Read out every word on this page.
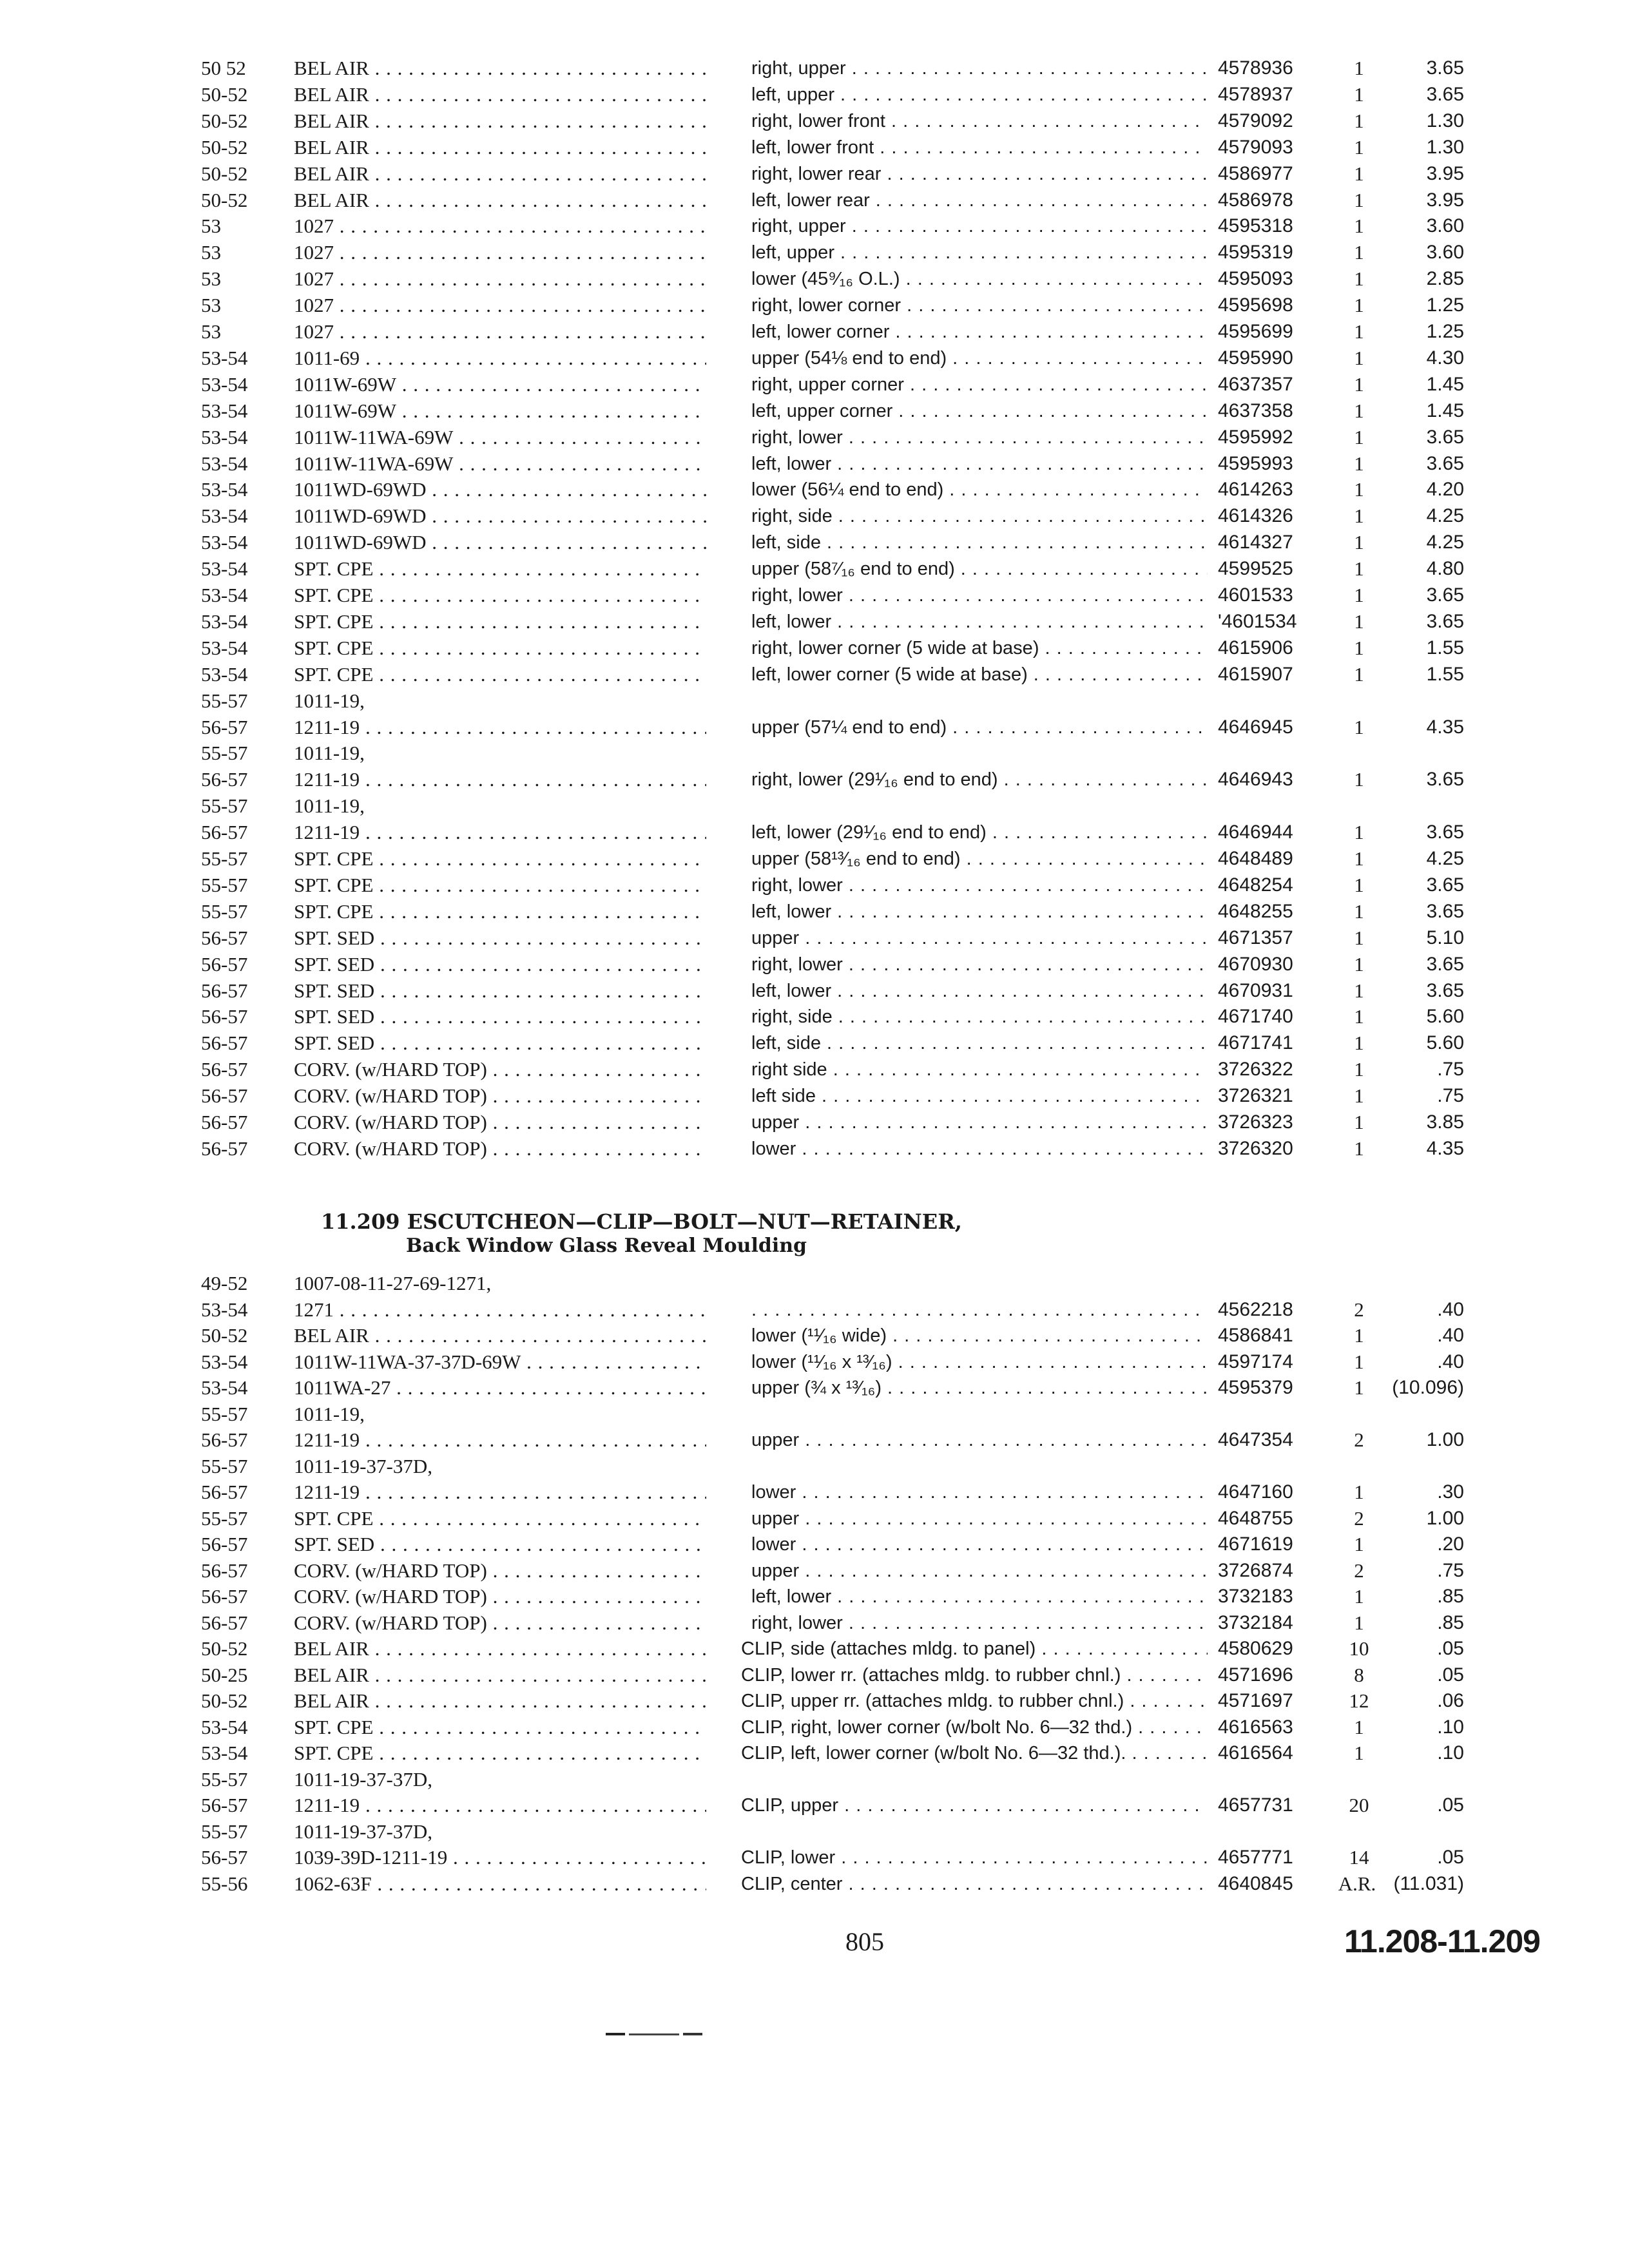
50 52	BEL AIR . . .	right, upper . . .	4578936	1	3.65
50-52	BEL AIR . . .	left, upper . . .	4578937	1	3.65
50-52	BEL AIR . . .	right, lower front . . .	4579092	1	1.30
50-52	BEL AIR . . .	left, lower front . . .	4579093	1	1.30
50-52	BEL AIR . . .	right, lower rear . . .	4586977	1	3.95
50-52	BEL AIR . . .	left, lower rear . . .	4586978	1	3.95
53	1027 . . .	right, upper . . .	4595318	1	3.60
53	1027 . . .	left, upper . . .	4595319	1	3.60
53	1027 . . .	lower (45⁹⁄₁₆ O.L.) . . .	4595093	1	2.85
53	1027 . . .	right, lower corner . . .	4595698	1	1.25
53	1027 . . .	left, lower corner . . .	4595699	1	1.25
53-54	1011-69 . . .	upper (54⅛ end to end) . . .	4595990	1	4.30
53-54	1011W-69W . . .	right, upper corner . . .	4637357	1	1.45
53-54	1011W-69W . . .	left, upper corner . . .	4637358	1	1.45
53-54	1011W-11WA-69W . . .	right, lower . . .	4595992	1	3.65
53-54	1011W-11WA-69W . . .	left, lower . . .	4595993	1	3.65
53-54	1011WD-69WD . . .	lower (56¼ end to end) . . .	4614263	1	4.20
53-54	1011WD-69WD . . .	right, side . . .	4614326	1	4.25
53-54	1011WD-69WD . . .	left, side . . .	4614327	1	4.25
53-54	SPT. CPE . . .	upper (58⁷⁄₁₆ end to end) . . .	4599525	1	4.80
53-54	SPT. CPE . . .	right, lower . . .	4601533	1	3.65
53-54	SPT. CPE . . .	left, lower . . .	'4601534	1	3.65
53-54	SPT. CPE . . .	right, lower corner (5 wide at base) . . .	4615906	1	1.55
53-54	SPT. CPE . . .	left, lower corner (5 wide at base) . . .	4615907	1	1.55
55-57	1011-19,
56-57	1211-19 . . .	upper (57¼ end to end) . . .	4646945	1	4.35
55-57	1011-19,
56-57	1211-19 . . .	right, lower (29¹⁄₁₆ end to end) . . .	4646943	1	3.65
55-57	1011-19,
56-57	1211-19 . . .	left, lower (29¹⁄₁₆ end to end) . . .	4646944	1	3.65
55-57	SPT. CPE . . .	upper (58¹³⁄₁₆ end to end) . . .	4648489	1	4.25
55-57	SPT. CPE . . .	right, lower . . .	4648254	1	3.65
55-57	SPT. CPE . . .	left, lower . . .	4648255	1	3.65
56-57	SPT. SED . . .	upper . . .	4671357	1	5.10
56-57	SPT. SED . . .	right, lower . . .	4670930	1	3.65
56-57	SPT. SED . . .	left, lower . . .	4670931	1	3.65
56-57	SPT. SED . . .	right, side . . .	4671740	1	5.60
56-57	SPT. SED . . .	left, side . . .	4671741	1	5.60
56-57	CORV. (w/HARD TOP) . . .	right side . . .	3726322	1	.75
56-57	CORV. (w/HARD TOP) . . .	left side . . .	3726321	1	.75
56-57	CORV. (w/HARD TOP) . . .	upper . . .	3726323	1	3.85
56-57	CORV. (w/HARD TOP) . . .	lower . . .	3726320	1	4.35
11.209 ESCUTCHEON—CLIP—BOLT—NUT—RETAINER,
Back Window Glass Reveal Moulding
49-52	1007-08-11-27-69-1271,
53-54	1271 . . .
. . .	4562218	2	.40
50-52	BEL AIR . . .	lower (¹¹⁄₁₆ wide) . . .	4586841	1	.40
53-54	1011W-11WA-37-37D-69W . . .	lower (¹¹⁄₁₆ x ¹³⁄₁₆) . . .	4597174	1	.40
53-54	1011WA-27 . . .	upper (¾ x ¹³⁄₁₆) . . .	4595379	1	(10.096)
55-57	1011-19,
56-57	1211-19 . . .	upper . . .	4647354	2	1.00
55-57	1011-19-37-37D,
56-57	1211-19 . . .	lower . . .	4647160	1	.30
55-57	SPT. CPE . . .	upper . . .	4648755	2	1.00
56-57	SPT. SED . . .	lower . . .	4671619	1	.20
56-57	CORV. (w/HARD TOP) . . .	upper . . .	3726874	2	.75
56-57	CORV. (w/HARD TOP) . . .	left, lower . . .	3732183	1	.85
56-57	CORV. (w/HARD TOP) . . .	right, lower . . .	3732184	1	.85
50-52	BEL AIR . . .	CLIP, side (attaches mldg. to panel) . . .	4580629	10	.05
50-25	BEL AIR . . .	CLIP, lower rr. (attaches mldg. to rubber chnl.) . . .	4571696	8	.05
50-52	BEL AIR . . .	CLIP, upper rr. (attaches mldg. to rubber chnl.) . . .	4571697	12	.06
53-54	SPT. CPE . . .	CLIP, right, lower corner (w/bolt No. 6—32 thd.) . . .	4616563	1	.10
53-54	SPT. CPE . . .	CLIP, left, lower corner (w/bolt No. 6—32 thd.). . . .	4616564	1	.10
55-57	1011-19-37-37D,
56-57	1211-19 . . .	CLIP, upper . . .	4657731	20	.05
55-57	1011-19-37-37D,
56-57	1039-39D-1211-19 . . .	CLIP, lower . . .	4657771	14	.05
55-56	1062-63F . . .	CLIP, center . . .	4640845	A.R. (11.031)
805	11.208-11.209
